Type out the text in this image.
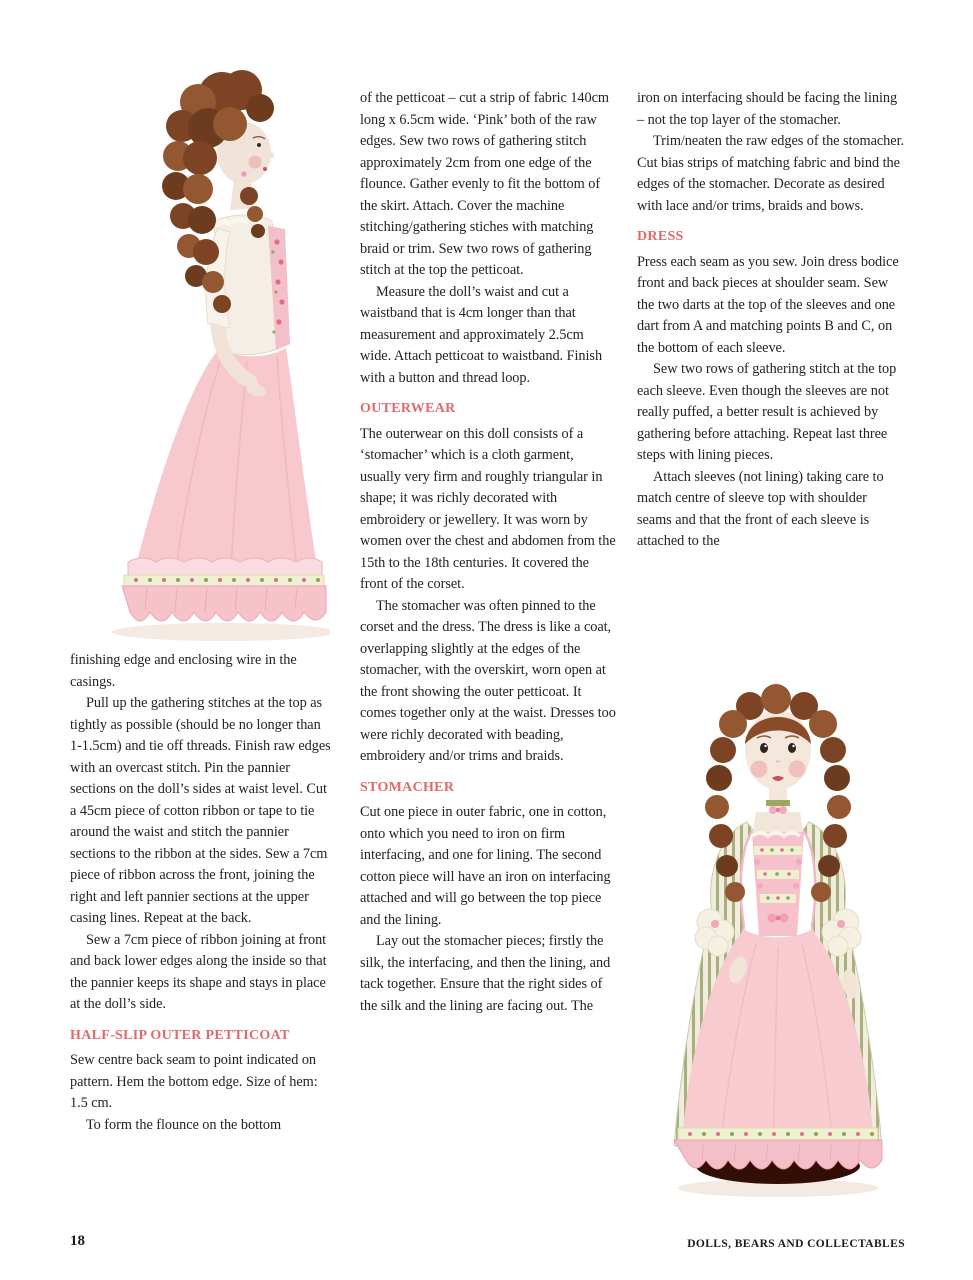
finishing edge and enclosing wire in the casings.

Pull up the gathering stitches at the top as tightly as possible (should be no longer than 1-1.5cm) and tie off threads. Finish raw edges with an overcast stitch. Pin the pannier sections on the doll’s sides at waist level. Cut a 45cm piece of cotton ribbon or tape to tie around the waist and stitch the pannier sections to the ribbon at the sides. Sew a 7cm piece of ribbon across the front, joining the right and left pannier sections at the upper casing lines. Repeat at the back.

Sew a 7cm piece of ribbon joining at front and back lower edges along the inside so that the pannier keeps its shape and stays in place at the doll’s side.

HALF-SLIP OUTER PETTICOAT

Sew centre back seam to point indicated on pattern. Hem the bottom edge. Size of hem: 1.5 cm.

To form the flounce on the bottom

of the petticoat – cut a strip of fabric 140cm long x 6.5cm wide. ‘Pink’ both of the raw edges. Sew two rows of gathering stitch approximately 2cm from one edge of the flounce. Gather evenly to fit the bottom of the skirt. Attach. Cover the machine stitching/gathering stiches with matching braid or trim. Sew two rows of gathering stitch at the top the petticoat.

Measure the doll’s waist and cut a waistband that is 4cm longer than that measurement and approximately 2.5cm wide. Attach petticoat to waistband. Finish with a button and thread loop.

OUTERWEAR

The outerwear on this doll consists of a ‘stomacher’ which is a cloth garment, usually very firm and roughly triangular in shape; it was richly decorated with embroidery or jewellery. It was worn by women over the chest and abdomen from the 15th to the 18th centuries. It covered the front of the corset.

The stomacher was often pinned to the corset and the dress. The dress is like a coat, overlapping slightly at the edges of the stomacher, with the overskirt, worn open at the front showing the outer petticoat. It comes together only at the waist. Dresses too were richly decorated with beading, embroidery and/or trims and braids.

STOMACHER

Cut one piece in outer fabric, one in cotton, onto which you need to iron on firm interfacing, and one for lining. The second cotton piece will have an iron on interfacing attached and will go between the top piece and the lining.

Lay out the stomacher pieces; firstly the silk, the interfacing, and then the lining, and tack together. Ensure that the right sides of the silk and the lining are facing out. The

iron on interfacing should be facing the lining – not the top layer of the stomacher.

Trim/neaten the raw edges of the stomacher. Cut bias strips of matching fabric and bind the edges of the stomacher. Decorate as desired with lace and/or trims, braids and bows.

DRESS

Press each seam as you sew. Join dress bodice front and back pieces at shoulder seam. Sew the two darts at the top of the sleeves and one dart from A and matching points B and C, on the bottom of each sleeve.

Sew two rows of gathering stitch at the top each sleeve. Even though the sleeves are not really puffed, a better result is achieved by gathering before attaching. Repeat last three steps with lining pieces.

Attach sleeves (not lining) taking care to match centre of sleeve top with shoulder seams and that the front of each sleeve is attached to the

18	DOLLS, BEARS AND COLLECTABLES
